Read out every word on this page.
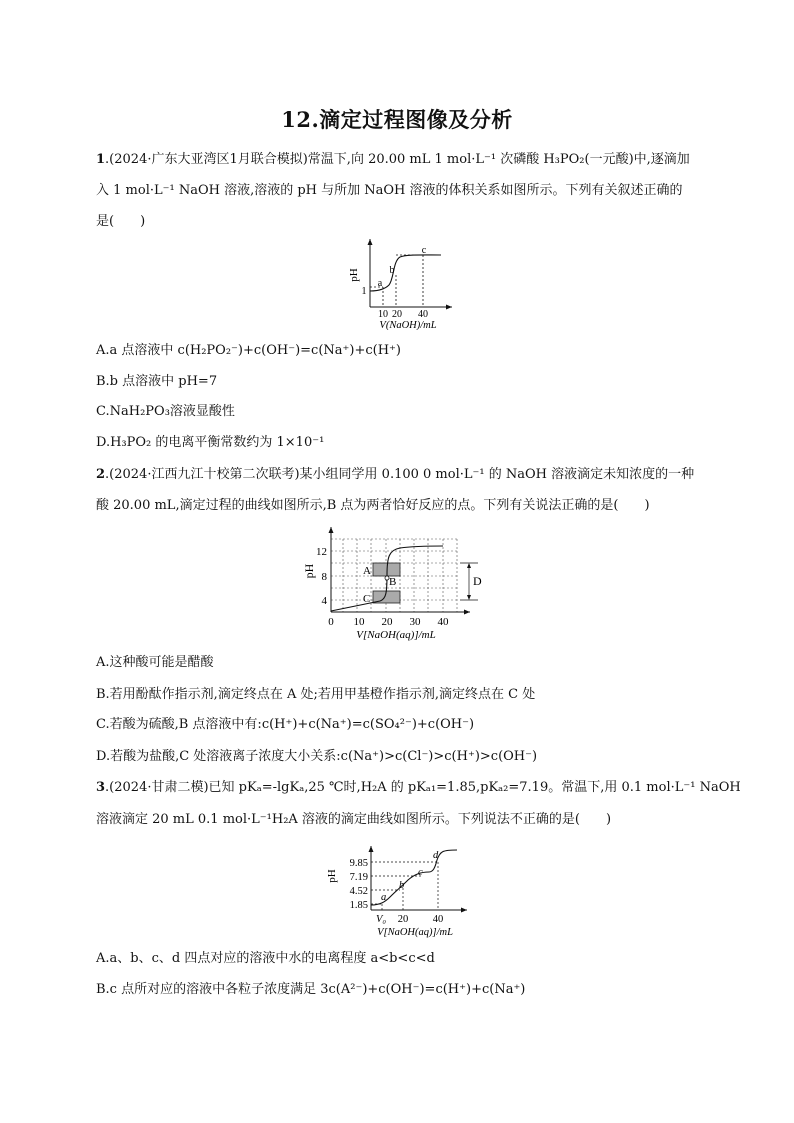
12.滴定过程图像及分析
1.(2024·广东大亚湾区1月联合模拟)常温下,向 20.00 mL 1 mol·L⁻¹ 次磷酸 H₃PO₂(一元酸)中,逐滴加
入 1 mol·L⁻¹ NaOH 溶液,溶液的 pH 与所加 NaOH 溶液的体积关系如图所示。下列有关叙述正确的
是(　　)
pH
1
a
b
c
10 20 40
V(NaOH)/mL
A.a 点溶液中 c(H₂PO₂⁻)+c(OH⁻)=c(Na⁺)+c(H⁺)
B.b 点溶液中 pH=7
C.NaH₂PO₃溶液显酸性
D.H₃PO₂ 的电离平衡常数约为 1×10⁻¹
2.(2024·江西九江十校第二次联考)某小组同学用 0.100 0 mol·L⁻¹ 的 NaOH 溶液滴定未知浓度的一种
酸 20.00 mL,滴定过程的曲线如图所示,B 点为两者恰好反应的点。下列有关说法正确的是(　　)
D
pH
12
8
4
A
B
C
0 10 20 30 40
V[NaOH(aq)]/mL
A.这种酸可能是醋酸
B.若用酚酞作指示剂,滴定终点在 A 处;若用甲基橙作指示剂,滴定终点在 C 处
C.若酸为硫酸,B 点溶液中有:c(H⁺)+c(Na⁺)=c(SO₄²⁻)+c(OH⁻)
D.若酸为盐酸,C 处溶液离子浓度大小关系:c(Na⁺)>c(Cl⁻)>c(H⁺)>c(OH⁻)
3.(2024·甘肃二模)已知 pKₐ=-lgKₐ,25 ℃时,H₂A 的 pKₐ₁=1.85,pKₐ₂=7.19。常温下,用 0.1 mol·L⁻¹ NaOH
溶液滴定 20 mL 0.1 mol·L⁻¹H₂A 溶液的滴定曲线如图所示。下列说法不正确的是(　　)
pH
9.85
7.19
4.52
1.85
a
b
c
d
V₀ 20 40
V[NaOH(aq)]/mL
A.a、b、c、d 四点对应的溶液中水的电离程度 a<b<c<d
B.c 点所对应的溶液中各粒子浓度满足 3c(A²⁻)+c(OH⁻)=c(H⁺)+c(Na⁺)
